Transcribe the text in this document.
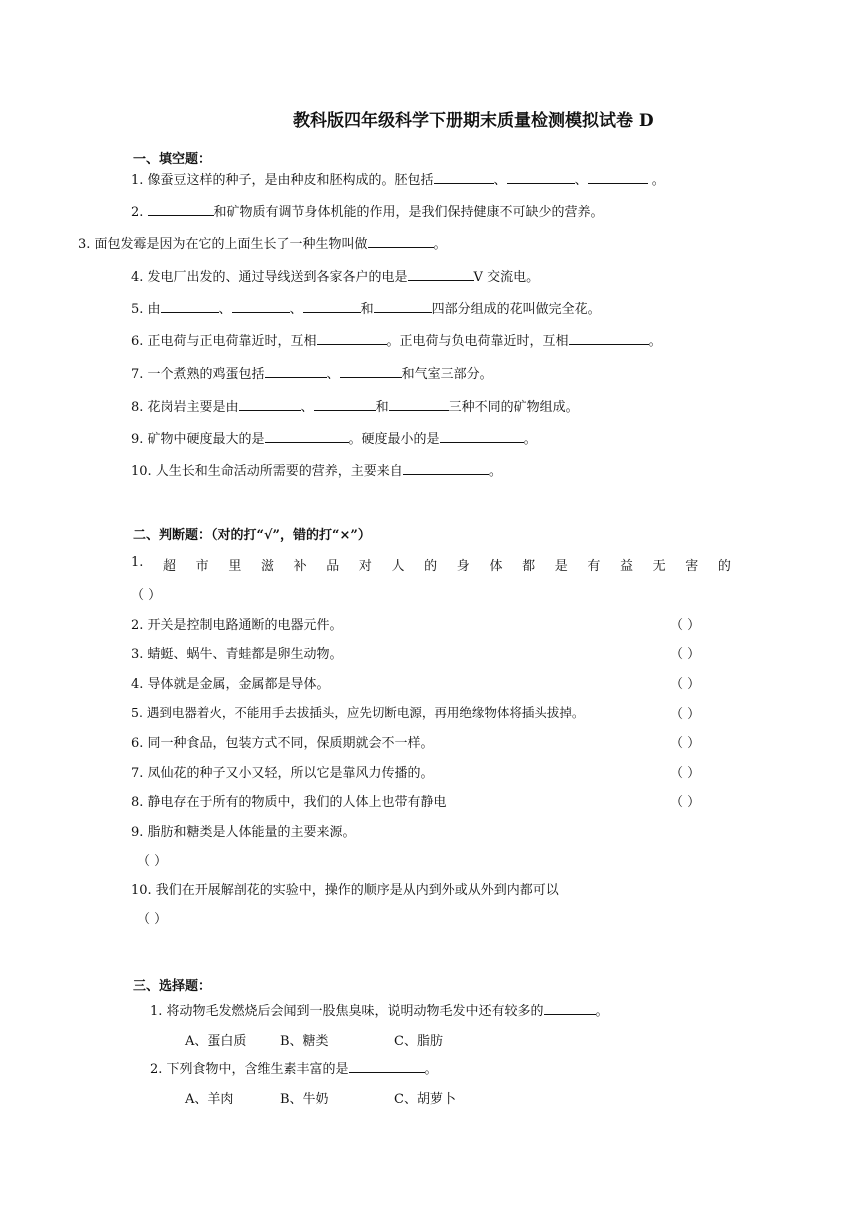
教科版四年级科学下册期末质量检测模拟试卷 D
一、填空题：
1. 像蚕豆这样的种子，是由种皮和胚构成的。胚包括	、	、	。
2.	和矿物质有调节身体机能的作用，是我们保持健康不可缺少的营养。
3. 面包发霉是因为在它的上面生长了一种生物叫做	。
4. 发电厂出发的、通过导线送到各家各户的电是	V 交流电。
5. 由	、	、	和	四部分组成的花叫做完全花。
6. 正电荷与正电荷靠近时，互相	。正电荷与负电荷靠近时，互相	。
7. 一个煮熟的鸡蛋包括	、	和气室三部分。
8. 花岗岩主要是由	、	和	三种不同的矿物组成。
9. 矿物中硬度最大的是	。硬度最小的是	。
10. 人生长和生命活动所需要的营养，主要来自	。
二、判断题：（对的打“√”，错的打“×”）
1. 超 市 里 滋 补 品 对 人 的 身 体 都 是 有 益 无 害 的
（ ）
2. 开关是控制电路通断的电器元件。	（ ）
3. 蜻蜓、蜗牛、青蛙都是卵生动物。	（ ）
4. 导体就是金属，金属都是导体。	（ ）
5. 遇到电器着火，不能用手去拔插头，应先切断电源，再用绝缘物体将插头拔掉。	（ ）
6. 同一种食品，包装方式不同，保质期就会不一样。	（ ）
7. 凤仙花的种子又小又轻，所以它是靠风力传播的。	（ ）
8. 静电存在于所有的物质中，我们的人体上也带有静电	（ ）
9. 脂肪和糖类是人体能量的主要来源。
（ ）
10. 我们在开展解剖花的实验中，操作的顺序是从内到外或从外到内都可以
（ ）
三、选择题：
1. 将动物毛发燃烧后会闻到一股焦臭味，说明动物毛发中还有较多的	。
A、蛋白质	B、糖类	C、脂肪
2. 下列食物中，含维生素丰富的是	。
A、羊肉	B、牛奶	C、胡萝卜
